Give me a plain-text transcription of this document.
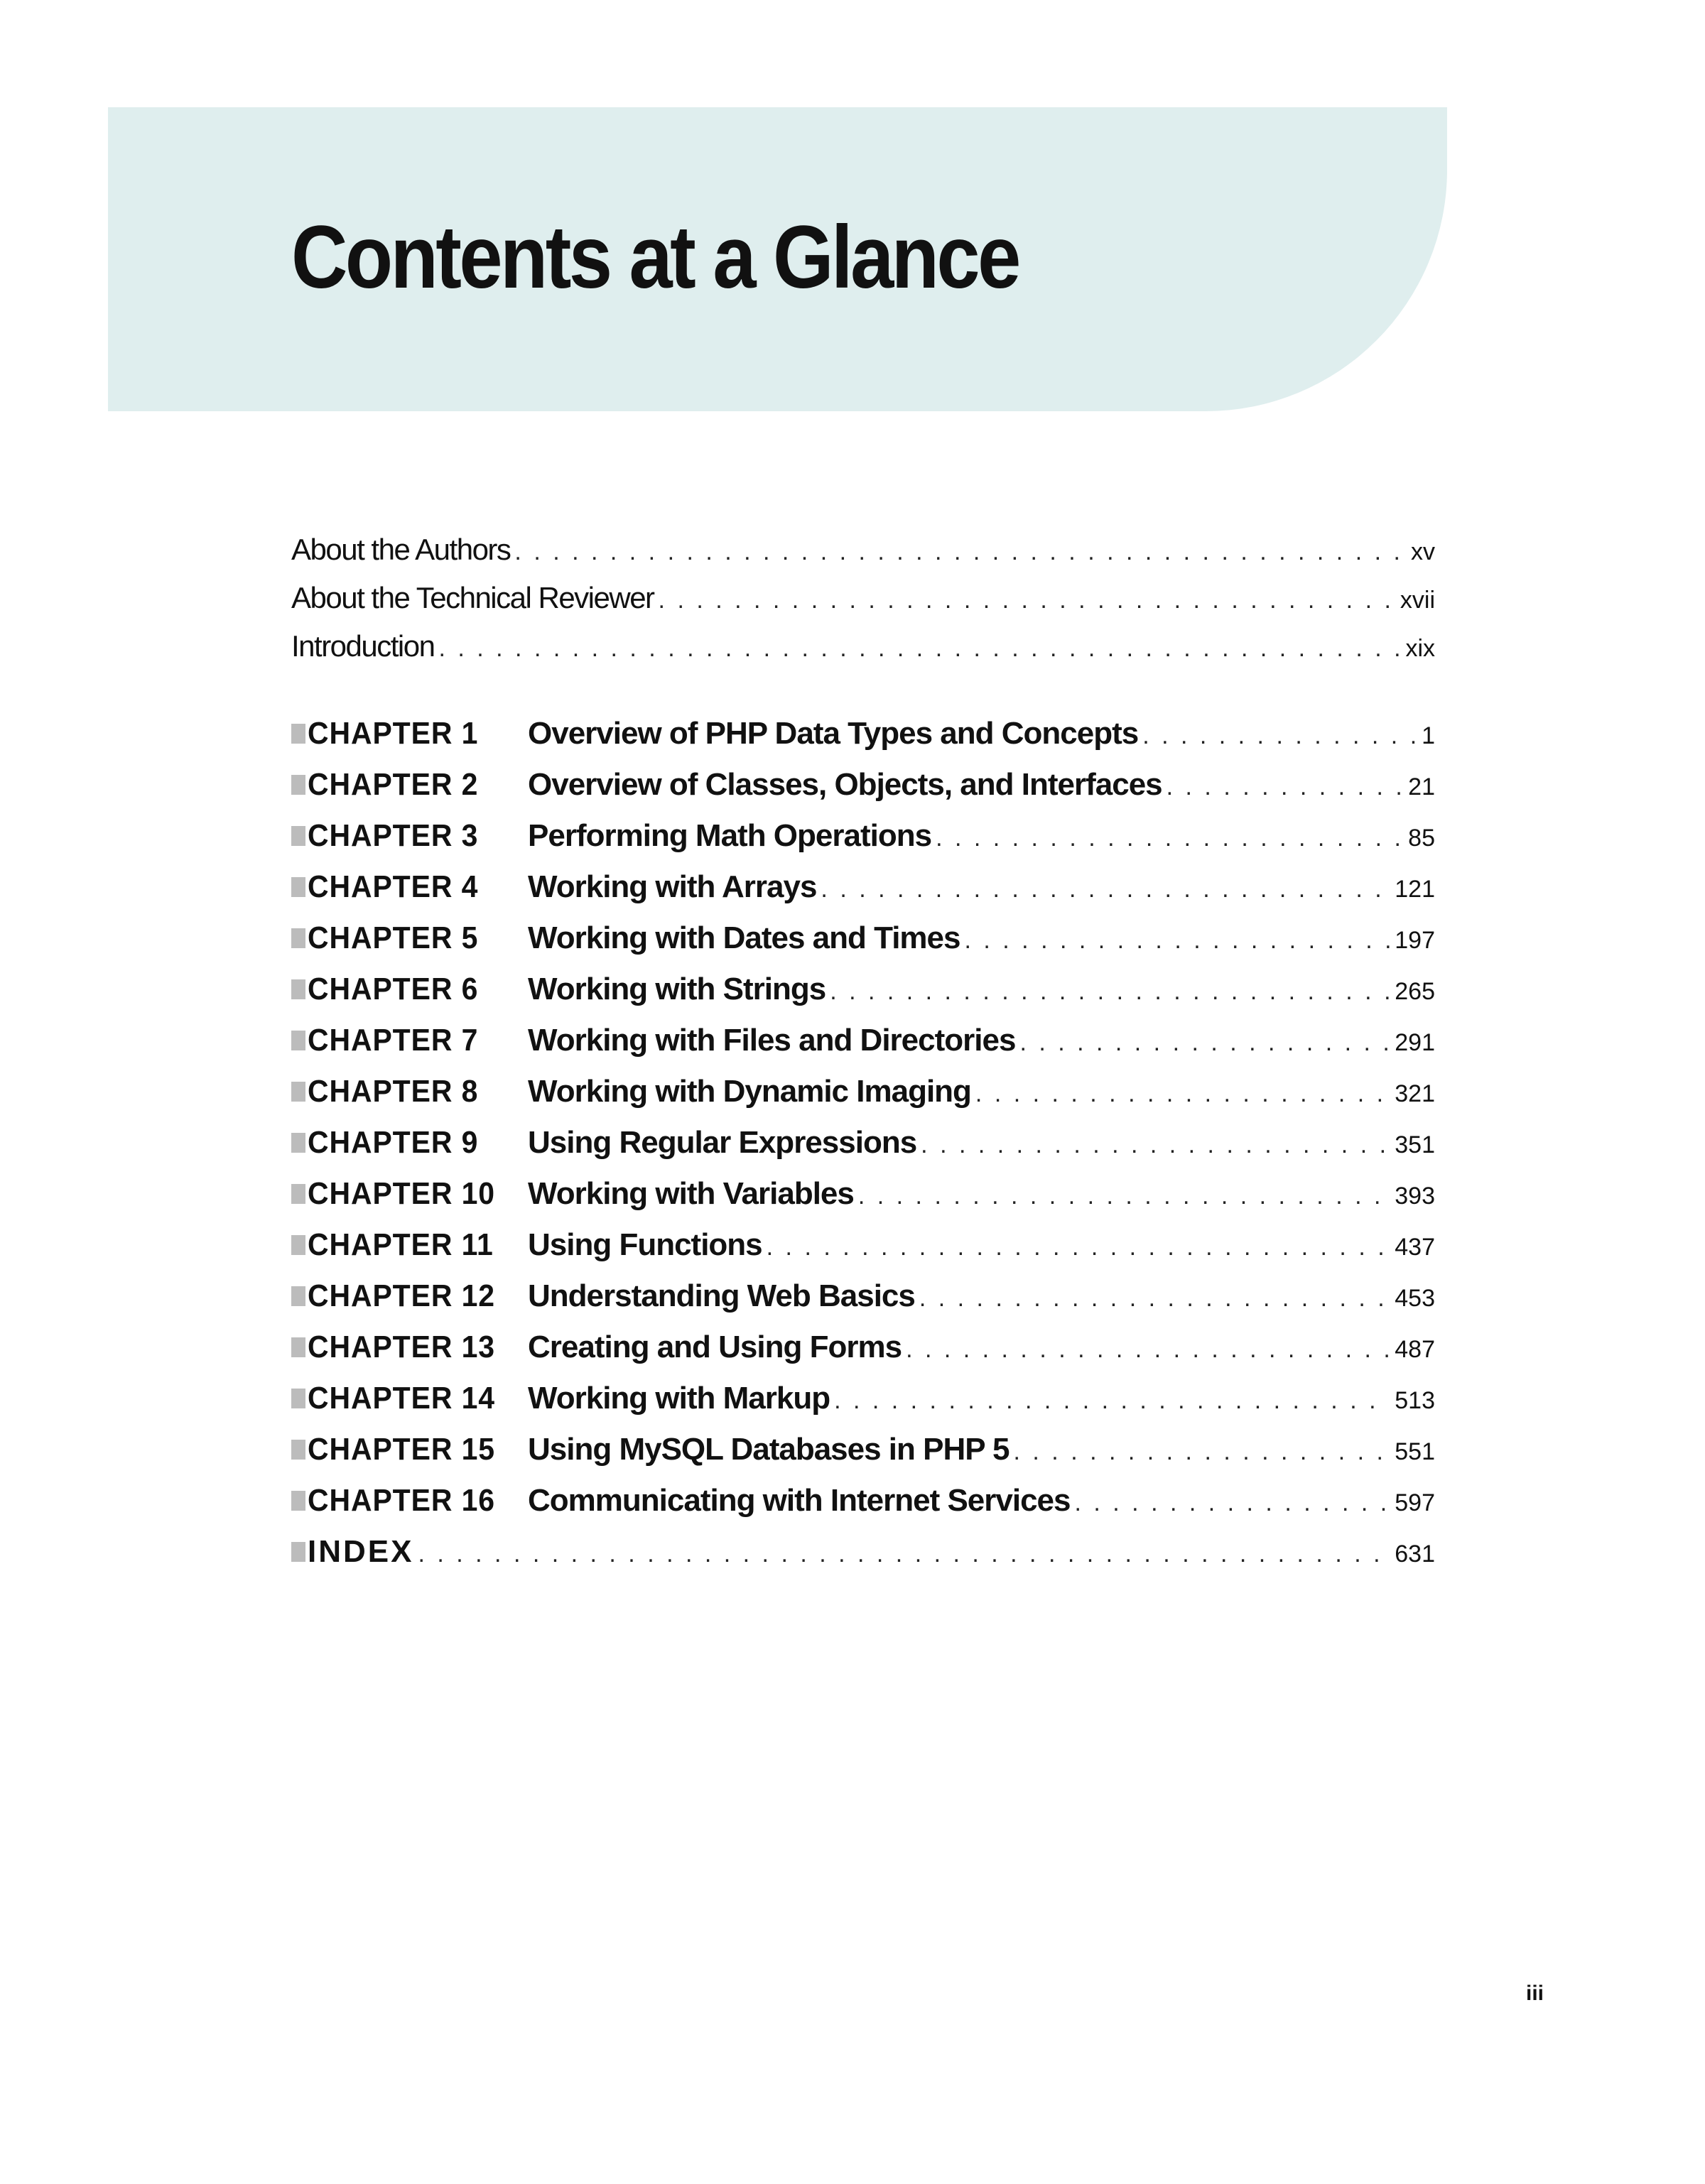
Contents at a Glance
About the Authors . . .	xv
About the Technical Reviewer . . .	xvii
Introduction . . .	xix
CHAPTER 1	Overview of PHP Data Types and Concepts . . .	1
CHAPTER 2	Overview of Classes, Objects, and Interfaces . . .	21
CHAPTER 3	Performing Math Operations . . .	85
CHAPTER 4	Working with Arrays . . .	121
CHAPTER 5	Working with Dates and Times . . .	197
CHAPTER 6	Working with Strings . . .	265
CHAPTER 7	Working with Files and Directories . . .	291
CHAPTER 8	Working with Dynamic Imaging . . .	321
CHAPTER 9	Using Regular Expressions . . .	351
CHAPTER 10	Working with Variables . . .	393
CHAPTER 11	Using Functions . . .	437
CHAPTER 12	Understanding Web Basics . . .	453
CHAPTER 13	Creating and Using Forms . . .	487
CHAPTER 14	Working with Markup . . .	513
CHAPTER 15	Using MySQL Databases in PHP 5 . . .	551
CHAPTER 16	Communicating with Internet Services . . .	597
INDEX . . .	631
iii
